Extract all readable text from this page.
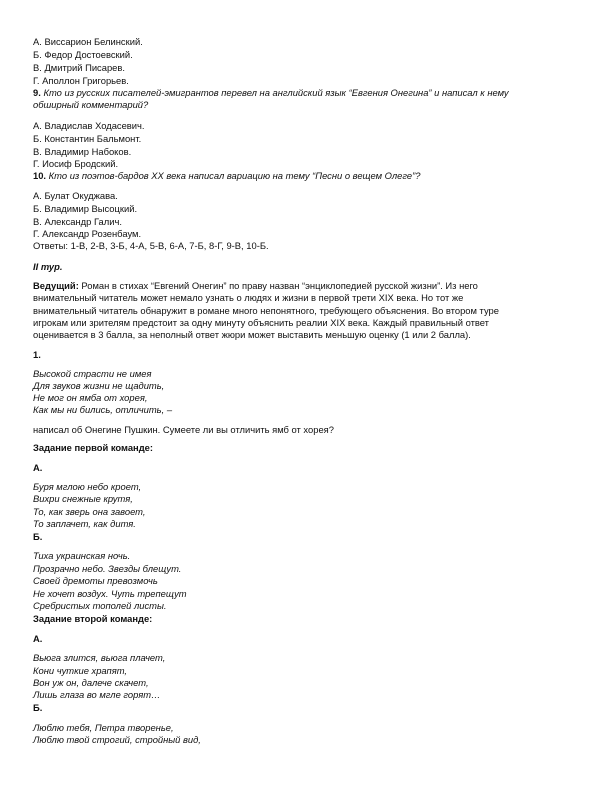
А. Виссарион Белинский.
Б. Федор Достоевский.
В. Дмитрий Писарев.
Г. Аполлон Григорьев.
9. Кто из русских писателей-эмигрантов перевел на английский язык “Евгения Онегина” и написал к нему
обширный комментарий?
А. Владислав Ходасевич.
Б. Константин Бальмонт.
В. Владимир Набоков.
Г. Иосиф Бродский.
10. Кто из поэтов-бардов XX века написал вариацию на тему “Песни о вещем Олеге”?
А. Булат Окуджава.
Б. Владимир Высоцкий.
В. Александр Галич.
Г. Александр Розенбаум.
Ответы: 1-В, 2-В, 3-Б, 4-А, 5-В, 6-А, 7-Б, 8-Г, 9-В, 10-Б.
II тур.
Ведущий: Роман в стихах “Евгений Онегин” по праву назван “энциклопедией русской жизни”. Из него
внимательный читатель может немало узнать о людях и жизни в первой трети XIX века. Но тот же
внимательный читатель обнаружит в романе много непонятного, требующего объяснения. Во втором туре
игрокам или зрителям предстоит за одну минуту объяснить реалии XIX века. Каждый правильный ответ
оценивается в 3 балла, за неполный ответ жюри может выставить меньшую оценку (1 или 2 балла).
1.
Высокой страсти не имея
Для звуков жизни не щадить,
Не мог он ямба от хорея,
Как мы ни бились, отличить, –
написал об Онегине Пушкин. Сумеете ли вы отличить ямб от хорея?
Задание первой команде:
А.
Буря мглою небо кроет,
Вихри снежные крутя,
То, как зверь она завоет,
То заплачет, как дитя.
Б.
Тиха украинская ночь.
Прозрачно небо. Звезды блещут.
Своей дремоты превозмочь
Не хочет воздух. Чуть трепещут
Сребристых тополей листы.
Задание второй команде:
А.
Вьюга злится, вьюга плачет,
Кони чуткие храпят,
Вон уж он, далече скачет,
Лишь глаза во мгле горят…
Б.
Люблю тебя, Петра творенье,
Люблю твой строгий, стройный вид,
